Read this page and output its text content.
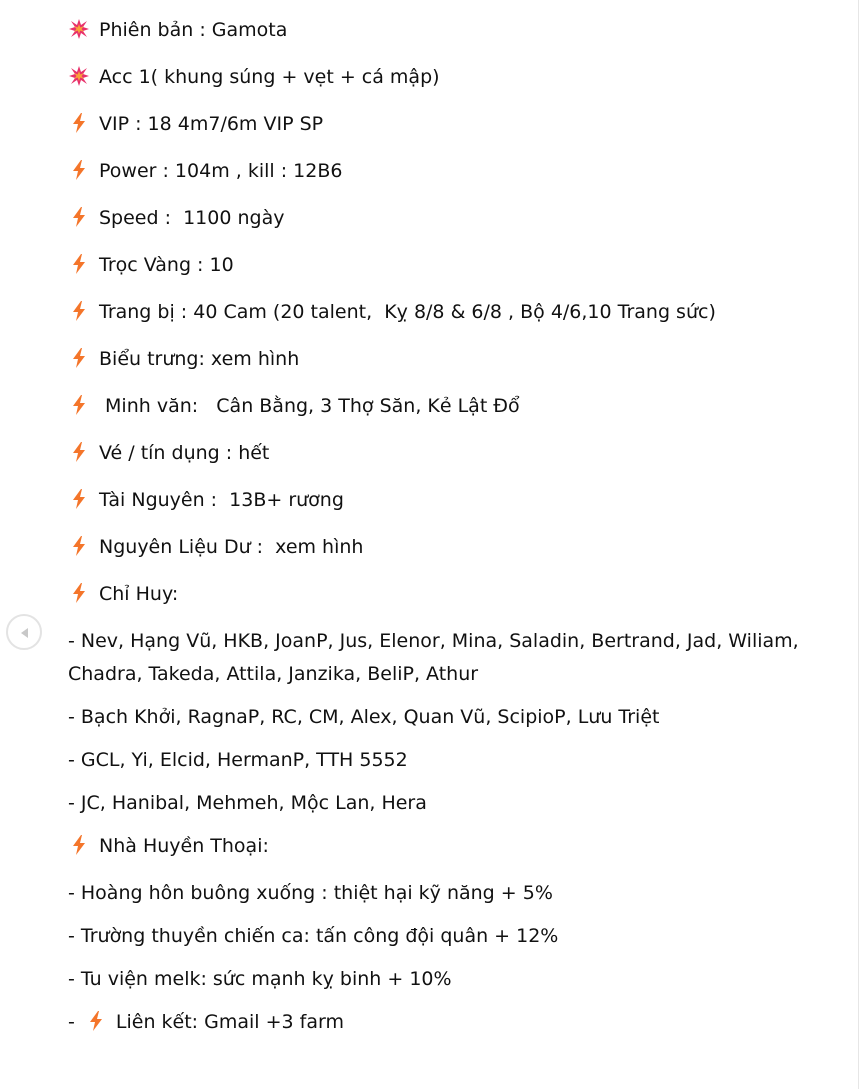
Phiên bản : Gamota
Acc 1( khung súng + vẹt + cá mập)
VIP : 18 4m7/6m VIP SP
Power : 104m , kill : 12B6
Speed :  1100 ngày
Trọc Vàng : 10
Trang bị : 40 Cam (20 talent,  Kỵ 8/8 & 6/8 , Bộ 4/6,10 Trang sức)
Biểu trưng: xem hình
Minh văn:   Cân Bằng, 3 Thợ Săn, Kẻ Lật Đổ
Vé / tín dụng : hết
Tài Nguyên :  13B+ rương
Nguyên Liệu Dư :  xem hình
Chỉ Huy:
- Nev, Hạng Vũ, HKB, JoanP, Jus, Elenor, Mina, Saladin, Bertrand, Jad, Wiliam, Chadra, Takeda, Attila, Janzika, BeliP, Athur
- Bạch Khởi, RagnaP, RC, CM, Alex, Quan Vũ, ScipioP, Lưu Triệt
- GCL, Yi, Elcid, HermanP, TTH 5552
- JC, Hanibal, Mehmeh, Mộc Lan, Hera
Nhà Huyền Thoại:
- Hoàng hôn buông xuống : thiệt hại kỹ năng + 5%
- Trường thuyền chiến ca: tấn công đội quân + 12%
- Tu viện melk: sức mạnh kỵ binh + 10%
- Liên kết: Gmail +3 farm
